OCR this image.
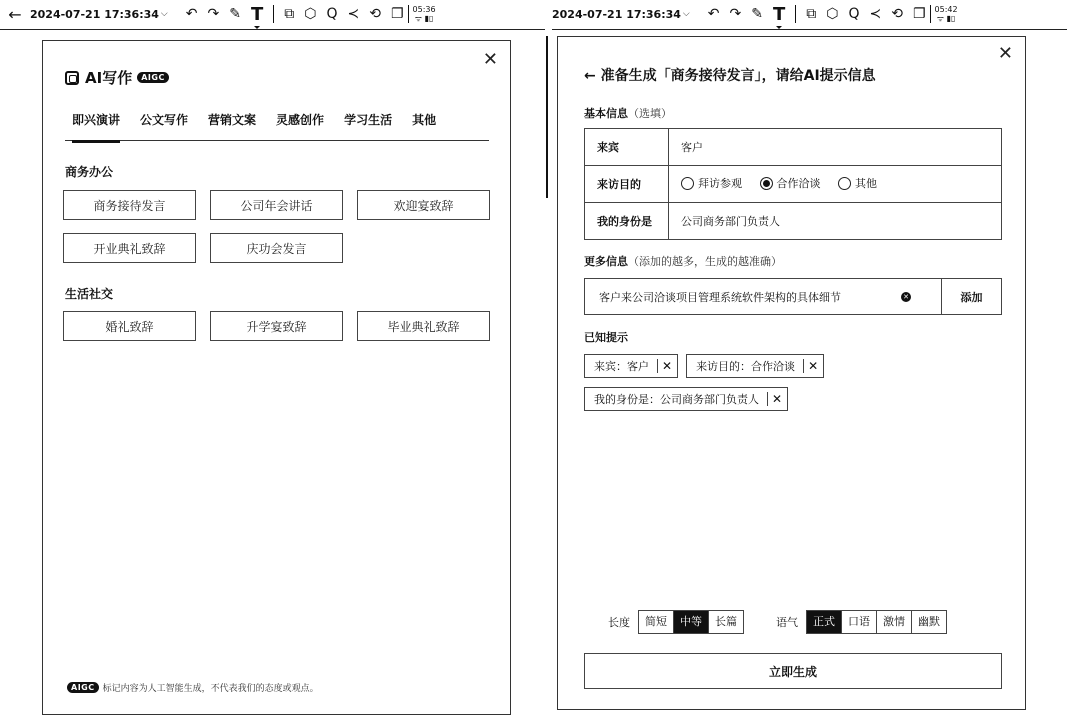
← 2024-07-21 17:36:34 ⌵ ↶ ↷ ✎ T ⧉ ⬡ Q ≺ ⟲ ❐ 05:36
ᯤ ▮▯	2024-07-21 17:36:34 ⌵ ↶ ↷ ✎ T ⧉ ⬡ Q ≺ ⟲ ❐ 05:42
ᯤ ▮▯
✕
AI写作	AIGC
即兴演讲	公文写作	营销文案	灵感创作	学习生活	其他
商务办公
商务接待发言	公司年会讲话	欢迎宴致辞
开业典礼致辞	庆功会发言
生活社交
婚礼致辞	升学宴致辞	毕业典礼致辞
AIGC 标记内容为人工智能生成，不代表我们的态度或观点。
✕
← 准备生成「商务接待发言」，请给AI提示信息
基本信息（选填）
来宾	客户
来访目的	拜访参观
合作洽谈
其他

我的身份是	公司商务部门负责人
更多信息（添加的越多，生成的越准确）
客户来公司洽谈项目管理系统软件架构的具体细节	✕	添加
已知提示
来宾：客户	✕	来访目的：合作洽谈	✕
我的身份是：公司商务部门负责人	✕
长度	简短	中等	长篇	语气	正式	口语	激情	幽默
立即生成
